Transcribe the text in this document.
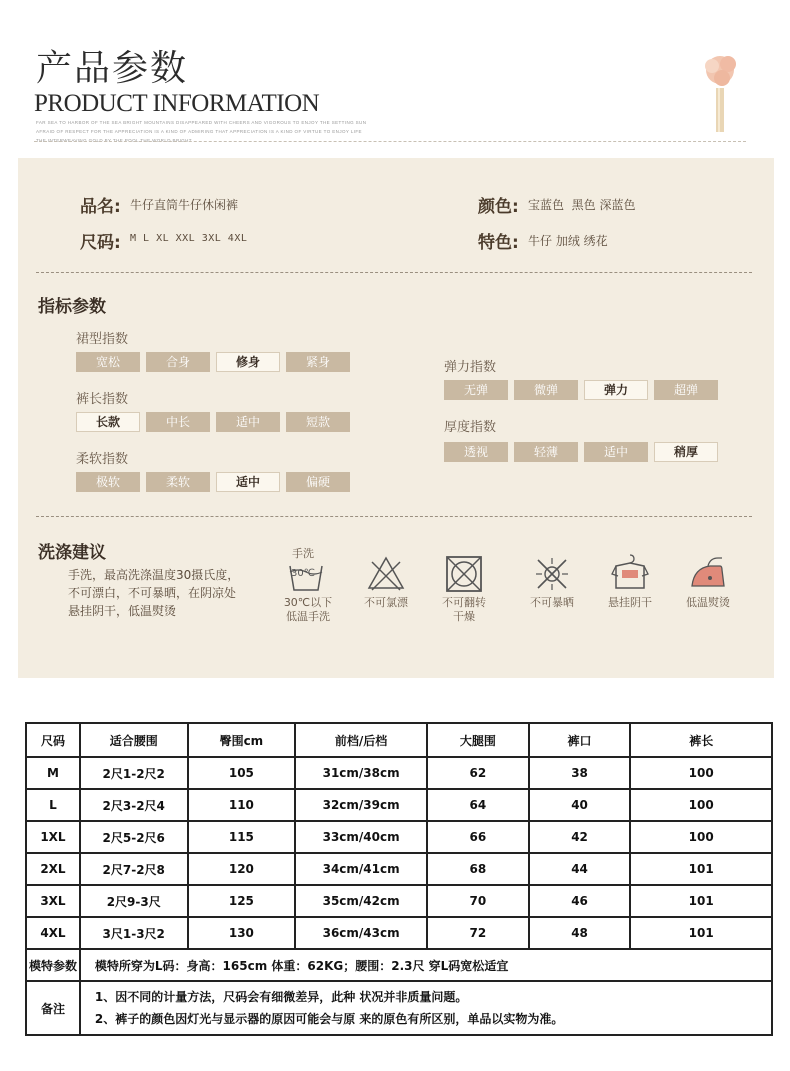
产品参数
PRODUCT INFORMATION
FAR SEA TO HARBOR OF THE SEA BRIGHT MOUNTAINS DISAPPEARED WITH CHEERS AND VIGOROUS TO ENJOY THE SETTING SUN
AFRAID OF RESPECT FOR THE APPRECIATION IS A KIND OF ADMIRING THAT APPRECIATION IS A KIND OF VIRTUE TO ENJOY LIFE
THE INTERWEAVING GOLD BY THE POOL THE WORLD BRIGHT
品名: 牛仔直筒牛仔休闲裤
尺码: M L XL XXL 3XL 4XL
颜色: 宝蓝色  黑色 深蓝色
特色: 牛仔 加绒 绣花
指标参数
裙型指数
宽松	合身	修身	紧身
裤长指数
长款	中长	适中	短款
柔软指数
极软	柔软	适中	偏硬
弹力指数
无弹	微弹	弹力	超弹
厚度指数
透视	轻薄	适中	稍厚
洗涤建议
手洗，最高洗涤温度30摄氏度，
不可漂白，不可暴晒，在阴凉处
悬挂阴干，低温熨烫
手洗
30℃
30℃以下
低温手洗
不可氯漂	不可翻转
干燥
不可暴晒	悬挂阴干	低温熨烫
尺码	适合腰围	臀围cm	前档/后档	大腿围	裤口	裤长
M	2尺1-2尺2	105	31cm/38cm	62	38	100
L	2尺3-2尺4	110	32cm/39cm	64	40	100
1XL	2尺5-2尺6	115	33cm/40cm	66	42	100
2XL	2尺7-2尺8	120	34cm/41cm	68	44	101
3XL	2尺9-3尺	125	35cm/42cm	70	46	101
4XL	3尺1-3尺2	130	36cm/43cm	72	48	101
模特参数	模特所穿为L码：身高：165cm 体重：62KG；腰围：2.3尺 穿L码宽松适宜					
备注	1、因不同的计量方法，尺码会有细微差异，此种 状况并非质量问题。
2、裤子的颜色因灯光与显示器的原因可能会与原 来的原色有所区别，单品以实物为准。					
